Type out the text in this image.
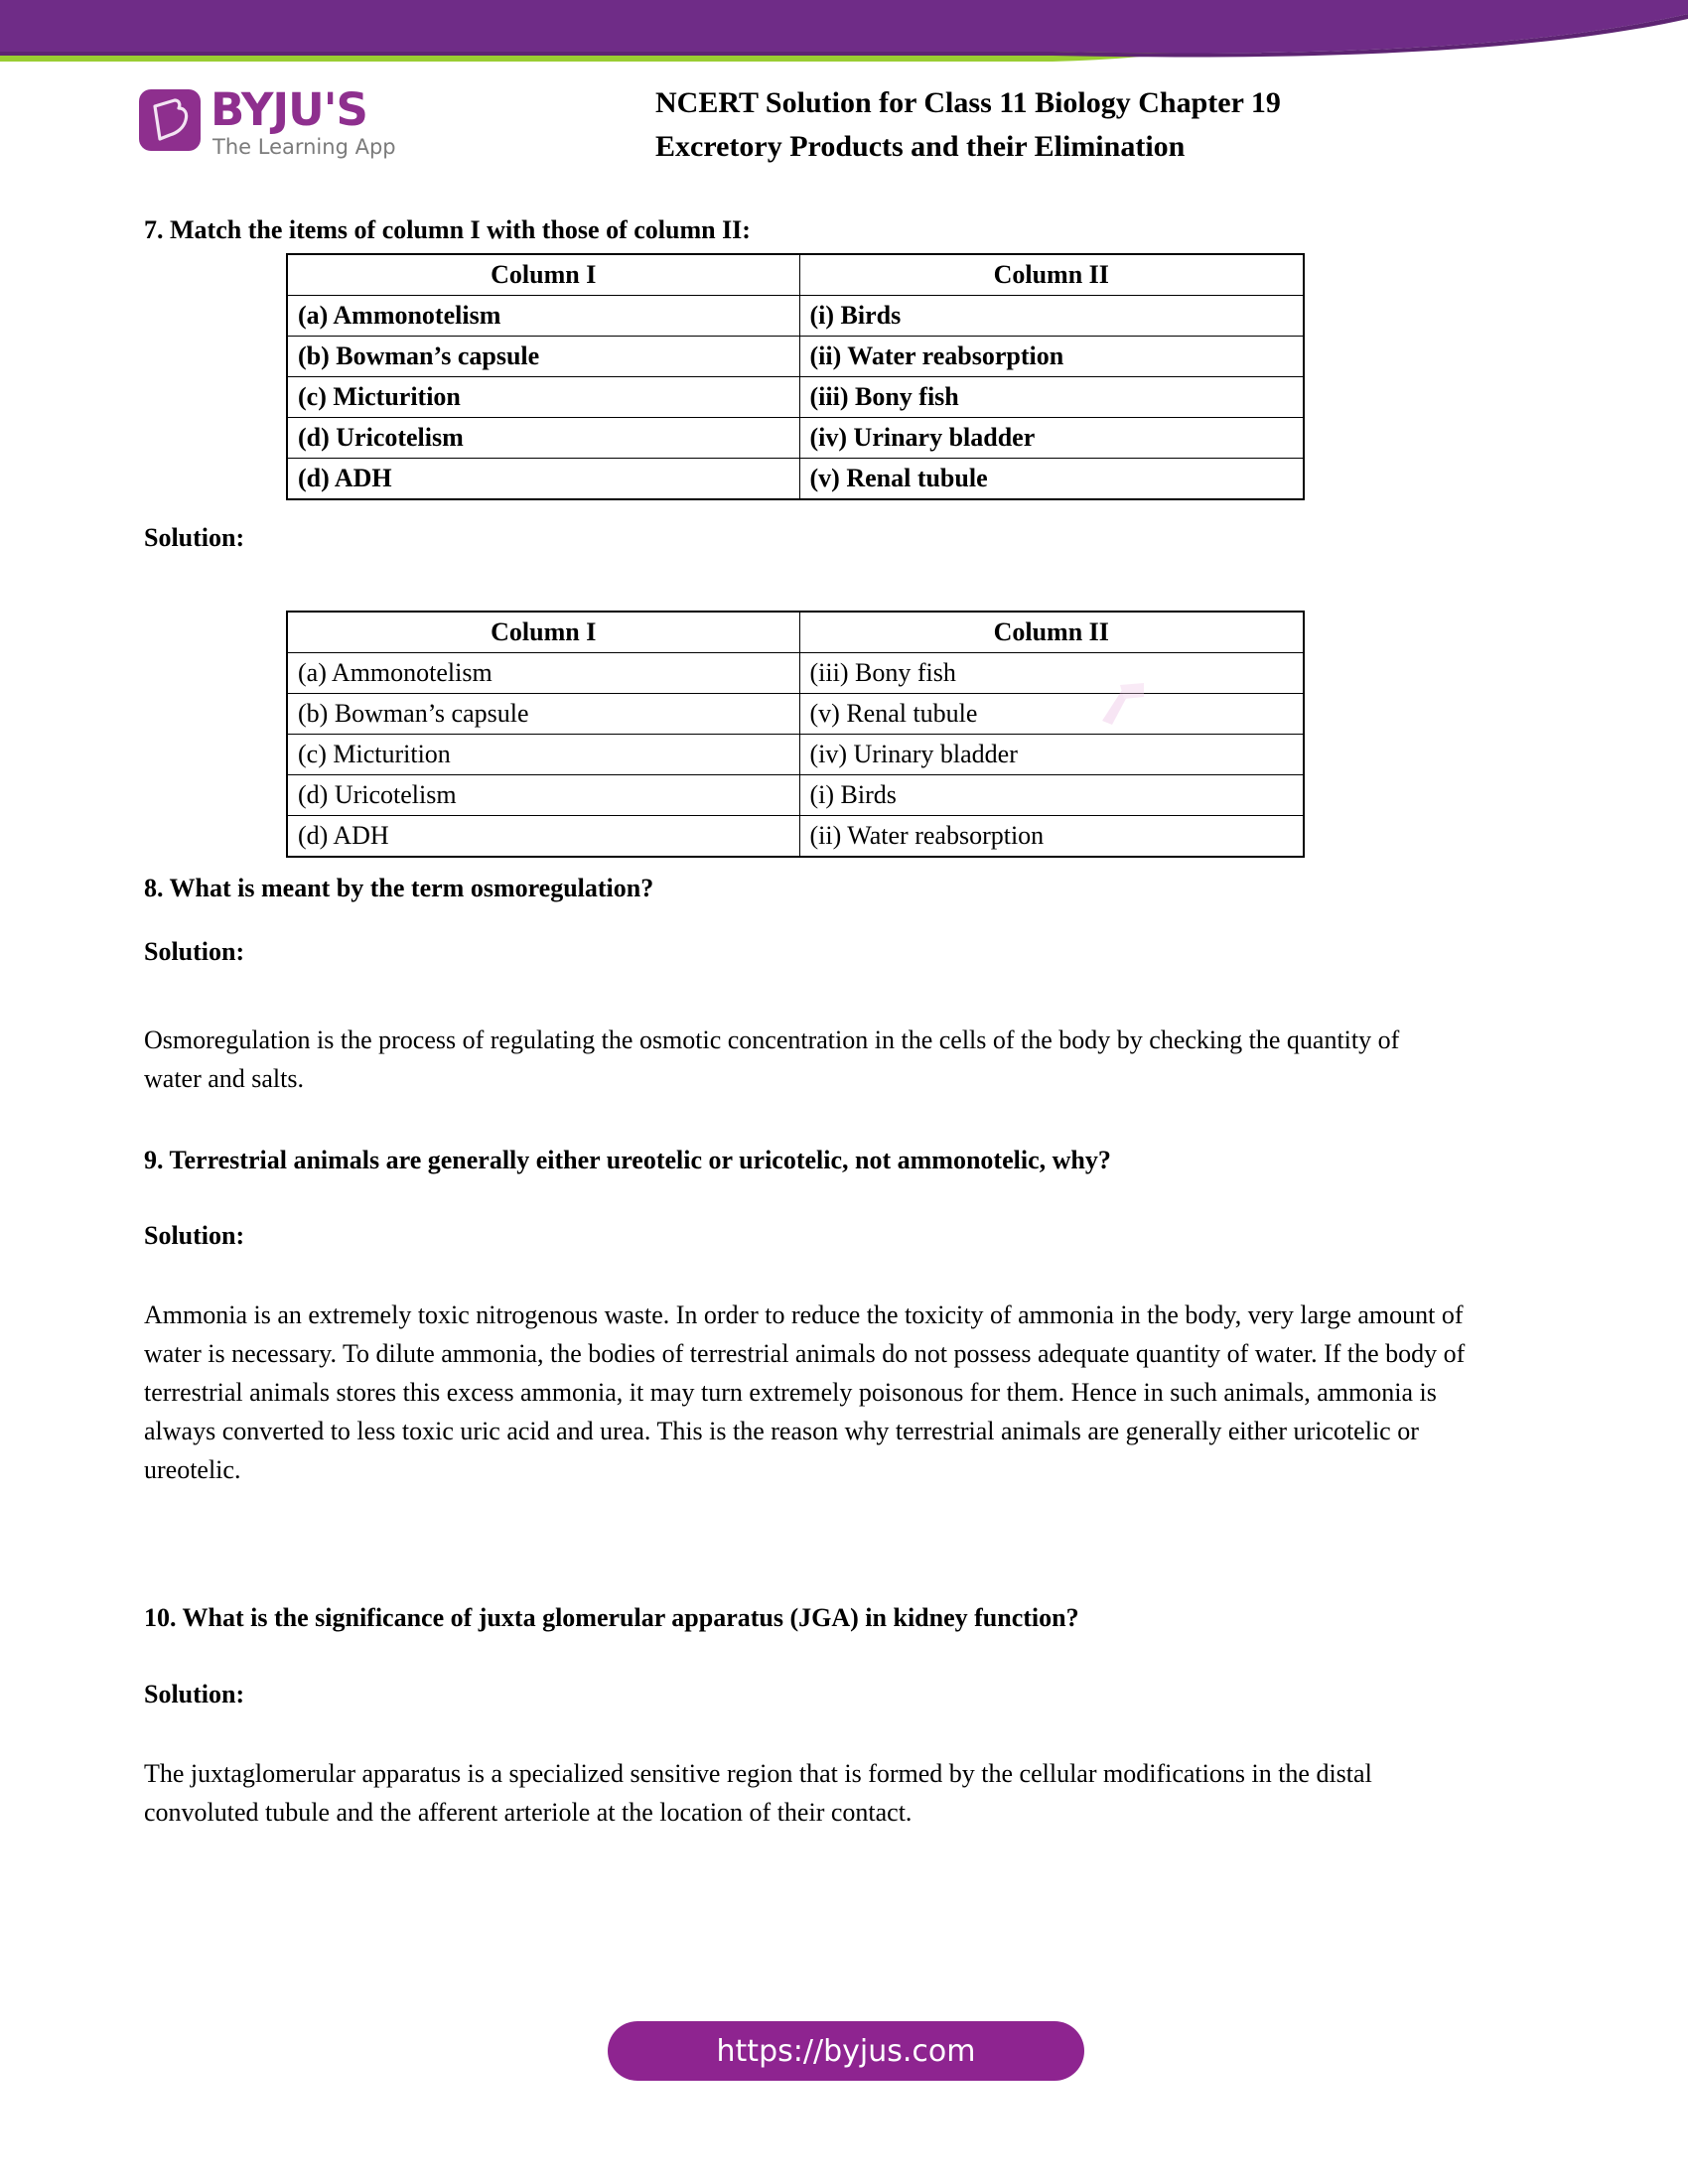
BYJU'S
The Learning App
NCERT Solution for Class 11 Biology Chapter 19
Excretory Products and their Elimination

7. Match the items of column I with those of column II:

Column I	Column II
(a) Ammonotelism	(i) Birds
(b) Bowman’s capsule	(ii) Water reabsorption
(c) Micturition	(iii) Bony fish
(d) Uricotelism	(iv) Urinary bladder
(d) ADH	(v) Renal tubule

Solution:

Column I	Column II
(a) Ammonotelism	(iii) Bony fish
(b) Bowman’s capsule	(v) Renal tubule
(c) Micturition	(iv) Urinary bladder
(d) Uricotelism	(i) Birds
(d) ADH	(ii) Water reabsorption

8. What is meant by the term osmoregulation?

Solution:

Osmoregulation is the process of regulating the osmotic concentration in the cells of the body by checking the quantity of water and salts.

9. Terrestrial animals are generally either ureotelic or uricotelic, not ammonotelic, why?

Solution:

Ammonia is an extremely toxic nitrogenous waste. In order to reduce the toxicity of ammonia in the body, very large amount of water is necessary. To dilute ammonia, the bodies of terrestrial animals do not possess adequate quantity of water. If the body of terrestrial animals stores this excess ammonia, it may turn extremely poisonous for them. Hence in such animals, ammonia is always converted to less toxic uric acid and urea. This is the reason why terrestrial animals are generally either uricotelic or ureotelic.

10. What is the significance of juxta glomerular apparatus (JGA) in kidney function?

Solution:

The juxtaglomerular apparatus is a specialized sensitive region that is formed by the cellular modifications in the distal convoluted tubule and the afferent arteriole at the location of their contact.

https://byjus.com
